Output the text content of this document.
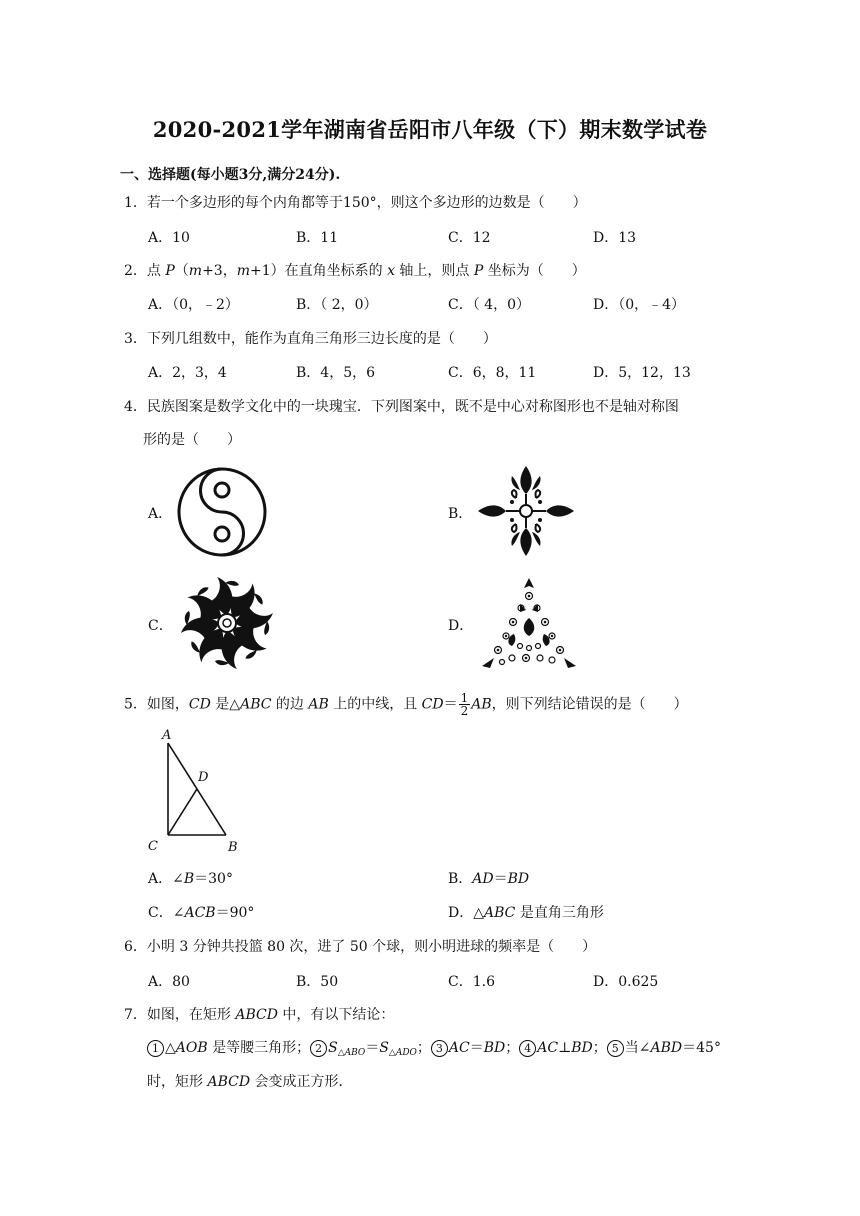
2020-2021学年湖南省岳阳市八年级（下）期末数学试卷
一、选择题(每小题3分,满分24分).
1．若一个多边形的每个内角都等于150°，则这个多边形的边数是（　　）
A．10	B．11	C．12	D．13
2．点 P（m+3，m+1）在直角坐标系的 x 轴上，则点 P 坐标为（　　）
A．（0，﹣2）	B．（ 2，0）	C．（ 4，0）	D．（0，﹣4）
3．下列几组数中，能作为直角三角形三边长度的是（　　）
A．2，3，4	B．4，5，6	C．6，8，11	D．5，12，13
4．民族图案是数学文化中的一块瑰宝．下列图案中，既不是中心对称图形也不是轴对称图
形的是（　　）
A．	B．
C．	D．
5．如图，CD 是△ABC 的边 AB 上的中线，且 $CD= \frac{1}{2}$ AB，则下列结论错误的是（　　）
A
D
C	B
A．∠B＝30°	B．AD＝BD
C．∠ACB＝90°	D．△ABC 是直角三角形
6．小明 3 分钟共投篮 80 次，进了 50 个球，则小明进球的频率是（　　）
A．80	B．50	C．1.6	D．0.625
7．如图，在矩形 ABCD 中，有以下结论：
1 △AOB 是等腰三角形； 2 $S_{\triangle ABO}=S_{\triangle ADO}$； 3 AC＝BD； 4 AC⊥BD； 5 当∠ABD＝45°
时，矩形 ABCD 会变成正方形．
